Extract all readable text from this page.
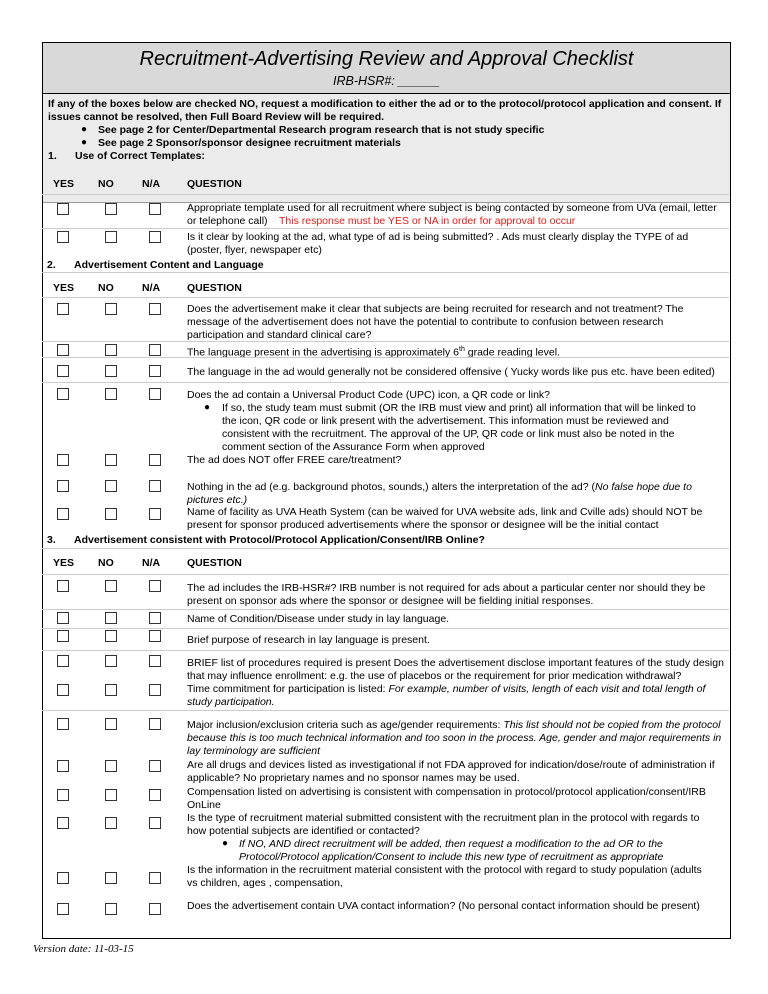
Recruitment-Advertising Review and Approval Checklist
IRB-HSR#: ______
If any of the boxes below are checked NO, request a modification to either the ad or to the protocol/protocol application and consent. If
issues cannot be resolved, then Full Board Review will be required.
● See page 2 for Center/Departmental Research program research that is not study specific
● See page 2 Sponsor/sponsor designee recruitment materials
1. Use of Correct Templates:
YES NO	N/A	QUESTION
Appropriate template used for all recruitment where subject is being contacted by someone from UVa (email, letter
or telephone call) This response must be YES or NA in order for approval to occur
Is it clear by looking at the ad, what type of ad is being submitted? . Ads must clearly display the TYPE of ad
(poster, flyer, newspaper etc)
2. Advertisement Content and Language
YES NO	N/A	QUESTION
Does the advertisement make it clear that subjects are being recruited for research and not treatment? The
message of the advertisement does not have the potential to contribute to confusion between research
participation and standard clinical care?
The language present in the advertising is approximately 6th grade reading level.
The language in the ad would generally not be considered offensive ( Yucky words like pus etc. have been edited)
Does the ad contain a Universal Product Code (UPC) icon, a QR code or link?
● If so, the study team must submit (OR the IRB must view and print) all information that will be linked to
the icon, QR code or link present with the advertisement. This information must be reviewed and
consistent with the recruitment. The approval of the UP, QR code or link must also be noted in the
comment section of the Assurance Form when approved
The ad does NOT offer FREE care/treatment?
Nothing in the ad (e.g. background photos, sounds,) alters the interpretation of the ad? (No false hope due to
pictures etc.)
Name of facility as UVA Heath System (can be waived for UVA website ads, link and Cville ads) should NOT be
present for sponsor produced advertisements where the sponsor or designee will be the initial contact
3. Advertisement consistent with Protocol/Protocol Application/Consent/IRB Online?
YES NO	N/A	QUESTION
The ad includes the IRB-HSR#? IRB number is not required for ads about a particular center nor should they be
present on sponsor ads where the sponsor or designee will be fielding initial responses.
Name of Condition/Disease under study in lay language.
Brief purpose of research in lay language is present.
BRIEF list of procedures required is present Does the advertisement disclose important features of the study design
that may influence enrollment: e.g. the use of placebos or the requirement for prior medication withdrawal?
Time commitment for participation is listed: For example, number of visits, length of each visit and total length of
study participation.
Major inclusion/exclusion criteria such as age/gender requirements: This list should not be copied from the protocol
because this is too much technical information and too soon in the process. Age, gender and major requirements in
lay terminology are sufficient
Are all drugs and devices listed as investigational if not FDA approved for indication/dose/route of administration if
applicable? No proprietary names and no sponsor names may be used.
Compensation listed on advertising is consistent with compensation in protocol/protocol application/consent/IRB
OnLine
Is the type of recruitment material submitted consistent with the recruitment plan in the protocol with regards to
how potential subjects are identified or contacted?
● If NO, AND direct recruitment will be added, then request a modification to the ad OR to the
Protocol/Protocol application/Consent to include this new type of recruitment as appropriate
Is the information in the recruitment material consistent with the protocol with regard to study population (adults
vs children, ages , compensation,
Does the advertisement contain UVA contact information? (No personal contact information should be present)
Version date: 11-03-15
